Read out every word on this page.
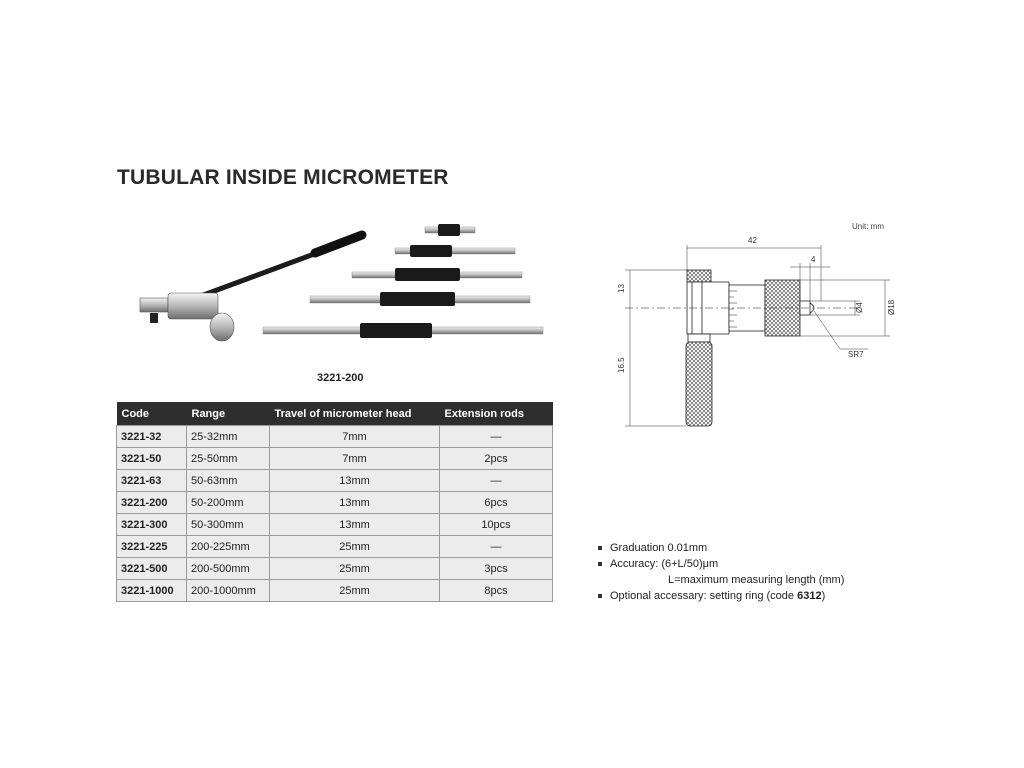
TUBULAR INSIDE MICROMETER
3221-200
Code	Range	Travel of micrometer head	Extension rods
3221-32	25-32mm	7mm	—
3221-50	25-50mm	7mm	2pcs
3221-63	50-63mm	13mm	—
3221-200	50-200mm	13mm	6pcs
3221-300	50-300mm	13mm	10pcs
3221-225	200-225mm	25mm	—
3221-500	200-500mm	25mm	3pcs
3221-1000	200-1000mm	25mm	8pcs
Unit: mm
42
4
13
16.5
Ø4	Ø18
SR7
Graduation 0.01mm
Accuracy: (6+L/50)μm
L=maximum measuring length (mm)
Optional accessary: setting ring (code 6312)
